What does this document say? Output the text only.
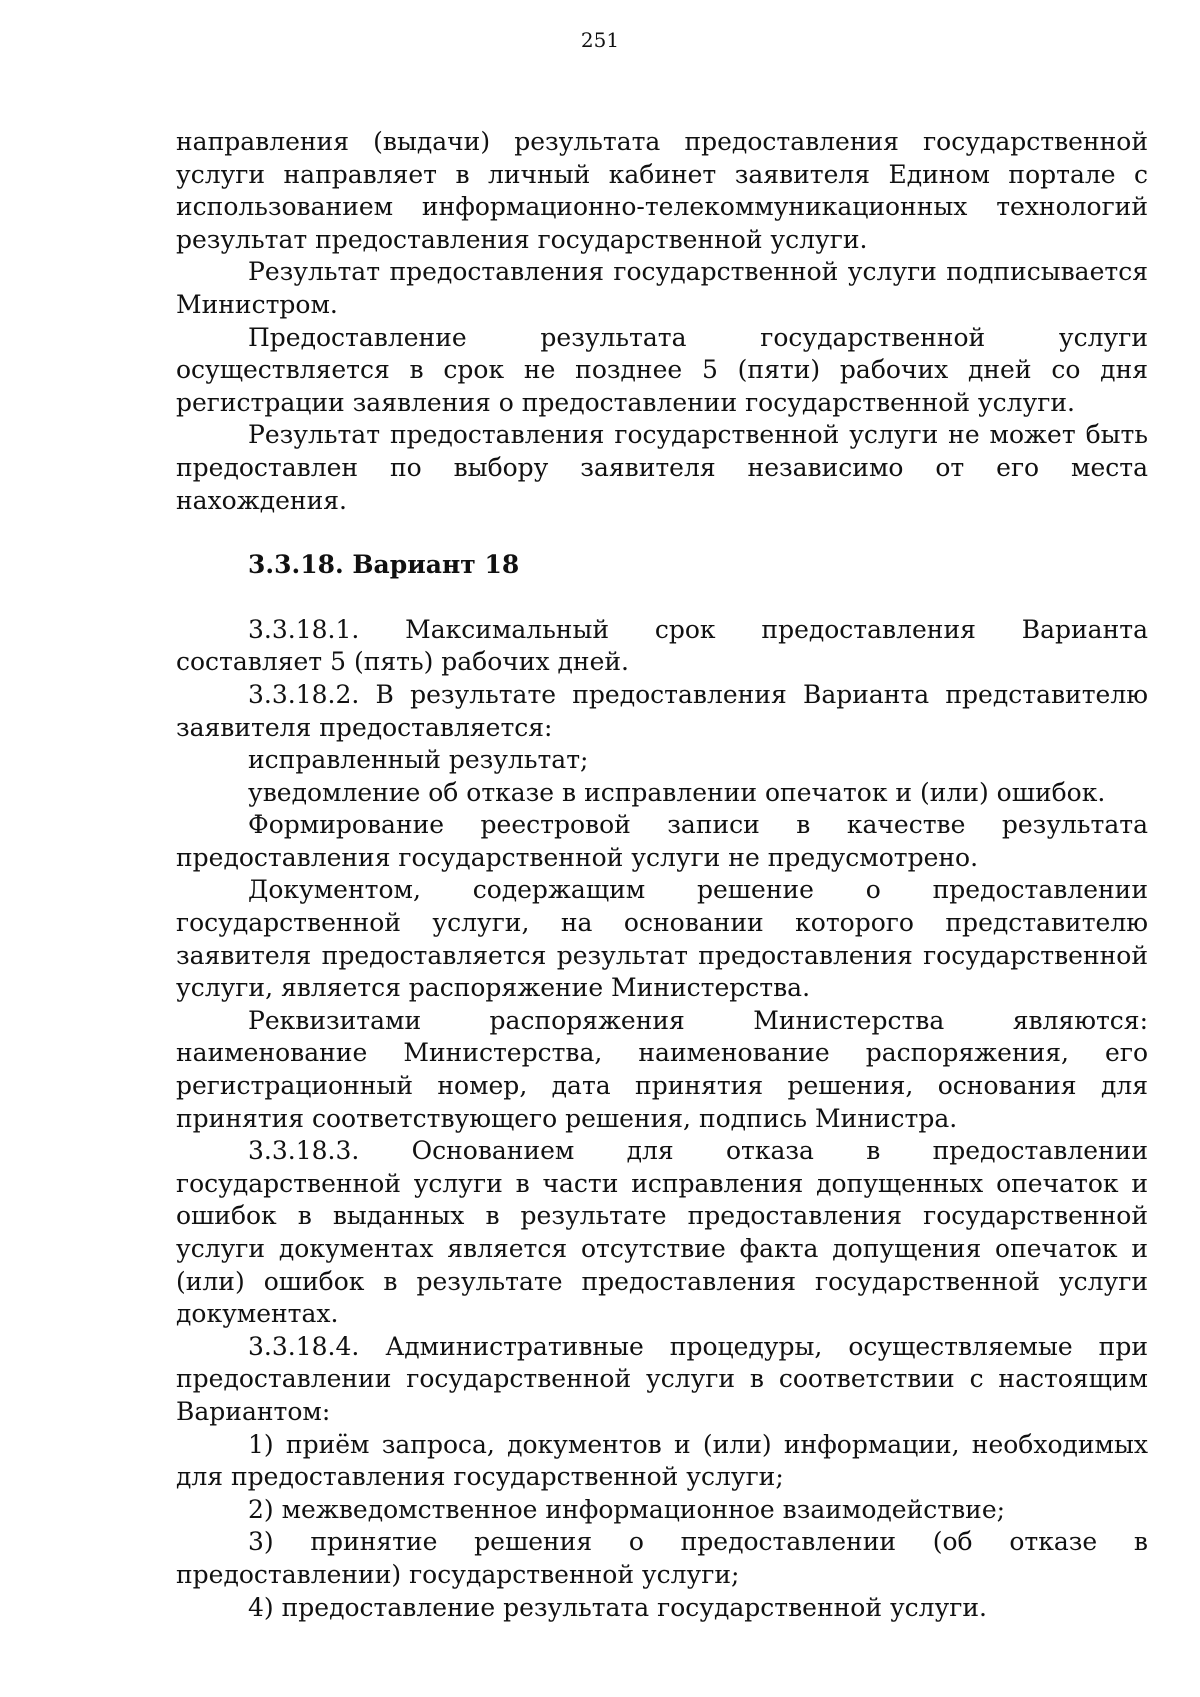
251

направления (выдачи) результата предоставления государственной услуги направляет в личный кабинет заявителя Едином портале с использованием информационно-телекоммуникационных технологий результат предоставления государственной услуги.

Результат предоставления государственной услуги подписывается Министром.

Предоставление результата государственной услуги осуществляется в срок не позднее 5 (пяти) рабочих дней со дня регистрации заявления о предоставлении государственной услуги.

Результат предоставления государственной услуги не может быть предоставлен по выбору заявителя независимо от его места нахождения.

3.3.18. Вариант 18

3.3.18.1. Максимальный срок предоставления Варианта составляет 5 (пять) рабочих дней.

3.3.18.2. В результате предоставления Варианта представителю заявителя предоставляется:

исправленный результат;

уведомление об отказе в исправлении опечаток и (или) ошибок.

Формирование реестровой записи в качестве результата предоставления государственной услуги не предусмотрено.

Документом, содержащим решение о предоставлении государственной услуги, на основании которого представителю заявителя предоставляется результат предоставления государственной услуги, является распоряжение Министерства.

Реквизитами распоряжения Министерства являются: наименование Министерства, наименование распоряжения, его регистрационный номер, дата принятия решения, основания для принятия соответствующего решения, подпись Министра.

3.3.18.3. Основанием для отказа в предоставлении государственной услуги в части исправления допущенных опечаток и ошибок в выданных в результате предоставления государственной услуги документах является отсутствие факта допущения опечаток и (или) ошибок в результате предоставления государственной услуги документах.

3.3.18.4. Административные процедуры, осуществляемые при предоставлении государственной услуги в соответствии с настоящим Вариантом:

1) приём запроса, документов и (или) информации, необходимых для предоставления государственной услуги;

2) межведомственное информационное взаимодействие;

3) принятие решения о предоставлении (об отказе в предоставлении) государственной услуги;

4) предоставление результата государственной услуги.
